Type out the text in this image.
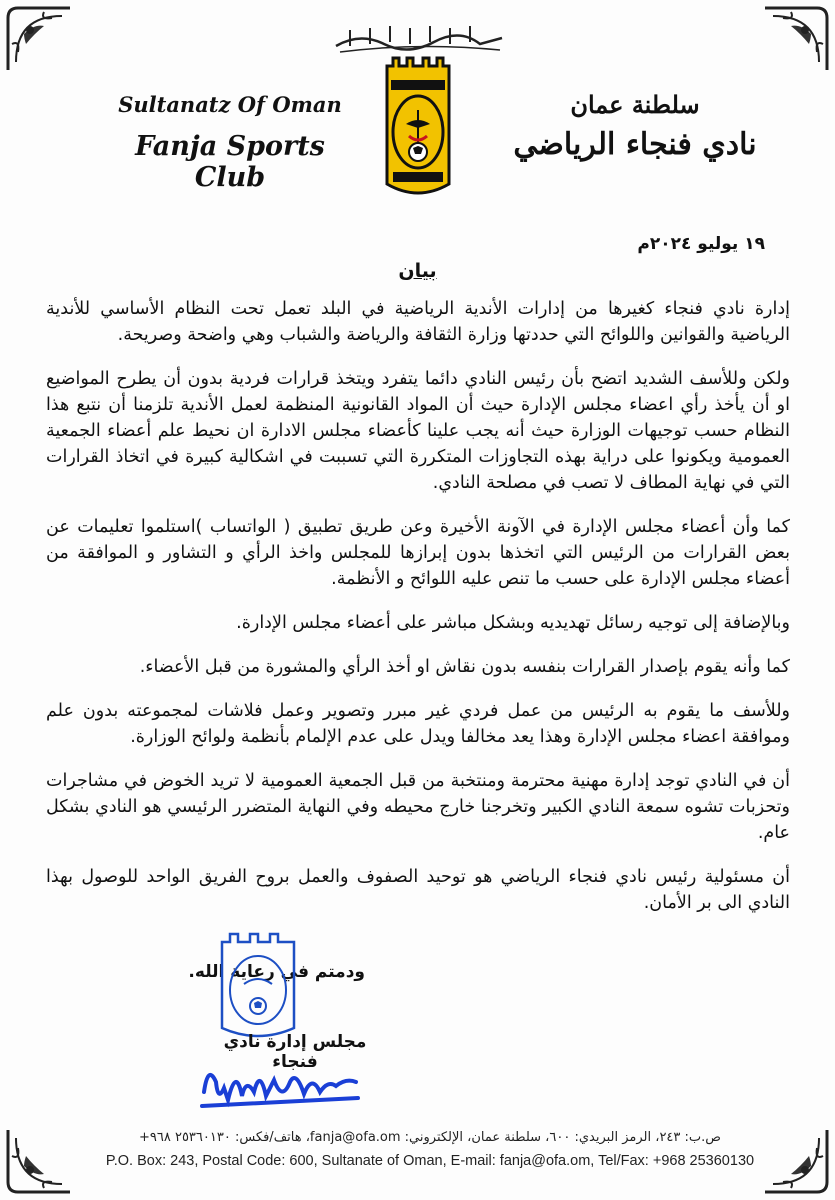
Sultanatz Of Oman
Fanja Sports Club
سلطنة عمان
نادي فنجاء الرياضي
١٩ يوليو ٢٠٢٤م
بيان

إدارة نادي فنجاء كغيرها من إدارات الأندية الرياضية في البلد تعمل تحت النظام الأساسي للأندية الرياضية والقوانين واللوائح التي حددتها وزارة الثقافة والرياضة والشباب وهي واضحة وصريحة.

ولكن وللأسف الشديد اتضح بأن رئيس النادي دائما يتفرد ويتخذ قرارات فردية بدون أن يطرح المواضيع او أن يأخذ رأي اعضاء مجلس الإدارة حيث أن المواد القانونية المنظمة لعمل الأندية تلزمنا أن نتبع هذا النظام حسب توجيهات الوزارة حيث أنه يجب علينا كأعضاء مجلس الادارة ان نحيط علم أعضاء الجمعية العمومية ويكونوا على دراية بهذه التجاوزات المتكررة التي تسببت في اشكالية كبيرة في اتخاذ القرارات التي في نهاية المطاف لا تصب في مصلحة النادي.

كما وأن أعضاء مجلس الإدارة في الآونة الأخيرة وعن طريق تطبيق ( الواتساب )استلموا تعليمات عن بعض القرارات من الرئيس التي اتخذها بدون إبرازها للمجلس واخذ الرأي و التشاور و الموافقة من أعضاء مجلس الإدارة على حسب ما تنص عليه اللوائح و الأنظمة.

وبالإضافة إلى توجيه رسائل تهديديه وبشكل مباشر على أعضاء مجلس الإدارة.

كما وأنه يقوم بإصدار القرارات بنفسه بدون نقاش او أخذ الرأي والمشورة من قبل الأعضاء.

وللأسف ما يقوم به الرئيس من عمل فردي غير مبرر وتصوير وعمل فلاشات لمجموعته بدون علم وموافقة اعضاء مجلس الإدارة وهذا يعد مخالفا ويدل على عدم الإلمام بأنظمة ولوائح الوزارة.

أن في النادي توجد إدارة مهنية محترمة ومنتخبة من قبل الجمعية العمومية لا تريد الخوض في مشاجرات وتحزبات تشوه سمعة النادي الكبير وتخرجنا خارج محيطه وفي النهاية المتضرر الرئيسي هو النادي بشكل عام.

أن مسئولية رئيس نادي فنجاء الرياضي هو توحيد الصفوف والعمل بروح الفريق الواحد للوصول بهذا النادي الى بر الأمان.

ودمتم في رعاية الله.
مجلس إدارة نادي فنجاء
ص.ب: ٢٤٣، الرمز البريدي: ٦٠٠، سلطنة عمان، الإلكتروني: fanja@ofa.om، هاتف/فكس: ٢٥٣٦٠١٣٠ ٩٦٨+
P.O. Box: 243, Postal Code: 600, Sultanate of Oman, E-mail: fanja@ofa.om, Tel/Fax: +968 25360130
